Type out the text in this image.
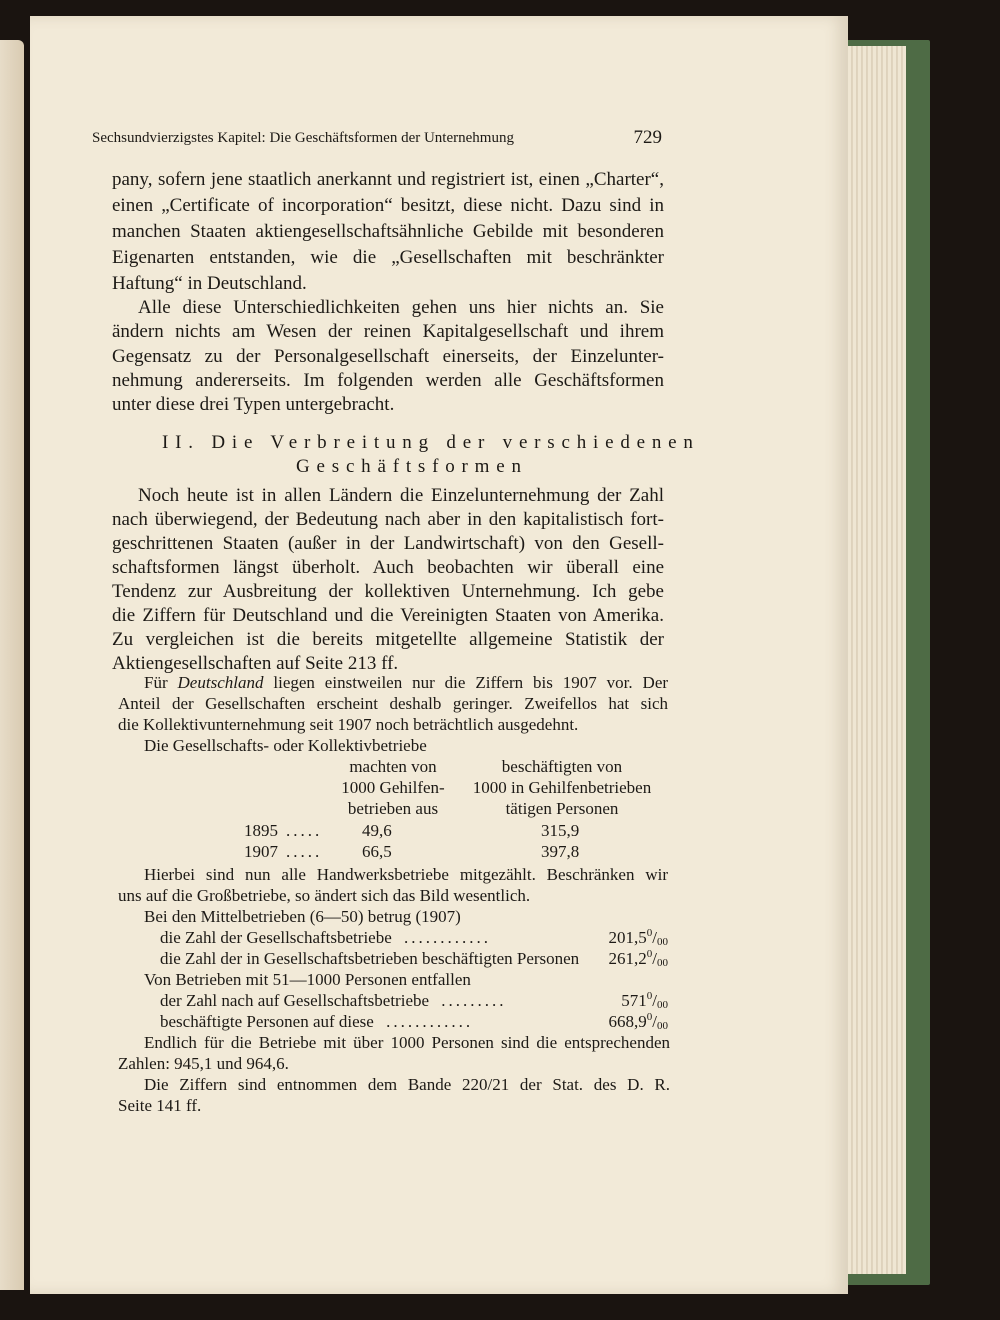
Sechsundvierzigstes Kapitel: Die Geschäftsformen der Unternehmung	729
pany, sofern jene staatlich anerkannt und registriert ist, einen „Charter“,
einen „Certificate of incorporation“ besitzt, diese nicht. Dazu sind in
manchen Staaten aktiengesellschaftsähnliche Gebilde mit besonderen
Eigenarten entstanden, wie die „Gesellschaften mit beschränkter
Haftung“ in Deutschland.
Alle diese Unterschiedlichkeiten gehen uns hier nichts an. Sie
ändern nichts am Wesen der reinen Kapitalgesellschaft und ihrem
Gegensatz zu der Personalgesellschaft einerseits, der Einzelunter-
nehmung andererseits. Im folgenden werden alle Geschäftsformen
unter diese drei Typen untergebracht.
II. Die Verbreitung der verschiedenen
Geschäftsformen
Noch heute ist in allen Ländern die Einzelunternehmung der Zahl
nach überwiegend, der Bedeutung nach aber in den kapitalistisch fort-
geschrittenen Staaten (außer in der Landwirtschaft) von den Gesell-
schaftsformen längst überholt. Auch beobachten wir überall eine
Tendenz zur Ausbreitung der kollektiven Unternehmung. Ich gebe
die Ziffern für Deutschland und die Vereinigten Staaten von Amerika.
Zu vergleichen ist die bereits mitgetellte allgemeine Statistik der
Aktiengesellschaften auf Seite 213 ff.
Für Deutschland liegen einstweilen nur die Ziffern bis 1907 vor. Der
Anteil der Gesellschaften erscheint deshalb geringer. Zweifellos hat sich
die Kollektivunternehmung seit 1907 noch beträchtlich ausgedehnt.
Die Gesellschafts- oder Kollektivbetriebe
machten von
1000 Gehilfen-
betrieben aus
beschäftigten von
1000 in Gehilfenbetrieben
tätigen Personen
1895 ..... 49,6	315,9
1907 ..... 66,5	397,8
Hierbei sind nun alle Handwerksbetriebe mitgezählt. Beschränken wir
uns auf die Großbetriebe, so ändert sich das Bild wesentlich.
Bei den Mittelbetrieben (6—50) betrug (1907)
die Zahl der Gesellschaftsbetriebe ............	$201,5^0/_{00}$
die Zahl der in Gesellschaftsbetrieben beschäftigten Personen $261,2^0/_{00}$
Von Betrieben mit 51—1000 Personen entfallen
der Zahl nach auf Gesellschaftsbetriebe .........	$571^0/_{00}$
beschäftigte Personen auf diese ............	$668,9^0/_{00}$
Endlich für die Betriebe mit über 1000 Personen sind die entsprechenden
Zahlen: 945,1 und 964,6.
Die Ziffern sind entnommen dem Bande 220/21 der Stat. des D. R.
Seite 141 ff.
